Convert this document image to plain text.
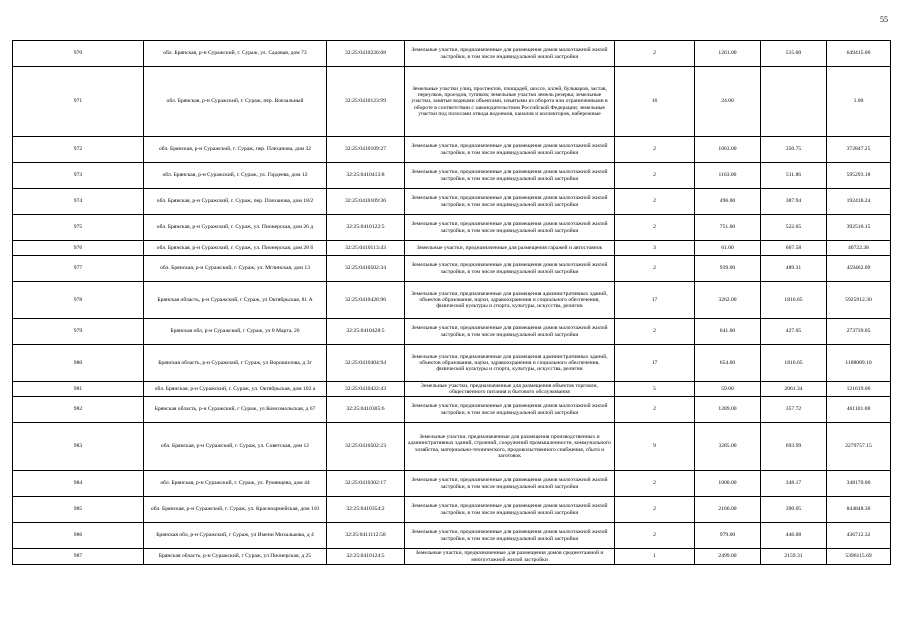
55
970	обл. Брянская, р-н Суражский, г. Сураж, ул. Садовая, дом 73	32:25:0410226:68	Земельные участки, предназначенные для размещения домов малоэтажной жилой застройки, в том числе индивидуальной жилой застройки	2	1261.00	515.00	649415.00
971	обл. Брянская, р-н Суражский, г. Сураж, пер. Вокзальный	32:25:0410123:99	Земельные участки улиц, проспектов, площадей, шоссе, аллей, бульваров, застав, переулков, проездов, тупиков; земельные участки земель резерва; земельные участки, занятые водными объектами, изъятыми из оборота или ограниченными в обороте в соответствии с законодательством Российской Федерации; земельные участки под полосами отвода водоемов, каналов и коллекторов, набережные	16	24.00		1.00
972	обл. Брянская, р-н Суражский, г. Сураж, пер. Плеханова, дом 32	32:25:0410109:27	Земельные участки, предназначенные для размещения домов малоэтажной жилой застройки, в том числе индивидуальной жилой застройки	2	1063.00	350.75	372847.25
973	обл. Брянская, р-н Суражский, г. Сураж, ул. Гордеева, дом 12	32:25:0410413:8	Земельные участки, предназначенные для размещения домов малоэтажной жилой застройки, в том числе индивидуальной жилой застройки	2	1163.00	511.86	595293.18
974	обл. Брянская, р-н Суражский, г. Сураж, пер. Плеханова, дом 18/2	32:25:0410109:36	Земельные участки, предназначенные для размещения домов малоэтажной жилой застройки, в том числе индивидуальной жилой застройки	2	496.00	387.94	192418.24
975	обл. Брянская, р-н Суражский, г. Сураж, ул. Пионерская, дом 26 д	32:25:0410122:5	Земельные участки, предназначенные для размещения домов малоэтажной жилой застройки, в том числе индивидуальной жилой застройки	2	751.00	522.65	392510.15
976	обл. Брянская, р-н Суражский, г. Сураж, ул. Пионерская, дом 28 б	32:25:0410113:43	Земельные участки, предназначенные для размещения гаражей и автостоянок	3	61.00	667.58	40722.38
977	обл. Брянская, р-н Суражский, г. Сураж, ул. Мглинская, дом 13	32:25:0410502:34	Земельные участки, предназначенные для размещения домов малоэтажной жилой застройки, в том числе индивидуальной жилой застройки	2	939.00	489.31	459462.09
978	Брянская область, р-н Суражский, г Сураж, ул Октябрьская, 81 А	32:25:0410426:96	Земельные участки, предназначенные для размещения административных зданий, объектов образования, науки, здравоохранения и социального обеспечения, физической культуры и спорта, культуры, искусства, религии	17	3262.00	1816.65	5925912.30
979	Брянская обл, р-н Суражский, г Сураж, ул 8 Марта, 26	32:25:0410428:5	Земельные участки, предназначенные для размещения домов малоэтажной жилой застройки, в том числе индивидуальной жилой застройки	2	641.00	427.05	273739.05
980	Брянская область, р-н Суражский, г Сураж, ул Ворошилова, д 3г	32:25:0410404:94	Земельные участки, предназначенные для размещения административных зданий, объектов образования, науки, здравоохранения и социального обеспечения, физической культуры и спорта, культуры, искусства, религии	17	654.00	1816.65	1188089.10
981	обл. Брянская, р-н Суражский, г. Сураж, ул. Октябрьская, дом 102 а	32:25:0410422:43	Земельные участки, предназначенные для размещения объектов торговли, общественного питания и бытового обслуживания	5	59.00	2061.34	121619.06
982	Брянская область, р-н Суражский, г Сураж, ул Комсомольская, д 67	32:25:0410305:6	Земельные участки, предназначенные для размещения домов малоэтажной жилой застройки, в том числе индивидуальной жилой застройки	2	1289.00	357.72	461101.08
983	обл. Брянская, р-н Суражский, г. Сураж, ул. Советская, дом 12	32:25:0410502:23	Земельные участки, предназначенные для размещения производственных и административных зданий, строений, сооружений промышленности, коммунального хозяйства, материально-технического, продовольственного снабжения, сбыта и заготовок	9	3285.00	693.99	2279757.15
984	обл. Брянская, р-н Суражский, г. Сураж, ул. Румянцева, дом 44	32:25:0410302:17	Земельные участки, предназначенные для размещения домов малоэтажной жилой застройки, в том числе индивидуальной жилой застройки	2	1000.00	348.17	348170.00
985	обл. Брянская, р-н Суражский, г. Сураж, ул. Красноармейская, дом 110	32:25:0410354:2	Земельные участки, предназначенные для размещения домов малоэтажной жилой застройки, в том числе индивидуальной жилой застройки	2	2166.00	390.05	844848.30
986	Брянская обл, р-н Суражский, г Сураж, ул Имени Михалькова, д 4	32:25:0411112:58	Земельные участки, предназначенные для размещения домов малоэтажной жилой застройки, в том числе индивидуальной жилой застройки	2	979.00	446.08	436712.32
987	Брянская область, р-н Суражский, г Сураж, ул Пионерская, д 25	32:25:0410124:5	Земельные участки, предназначенные для размещения домов среднеэтажной и многоэтажной жилой застройки	1	2499.00	2159.31	5396115.69
